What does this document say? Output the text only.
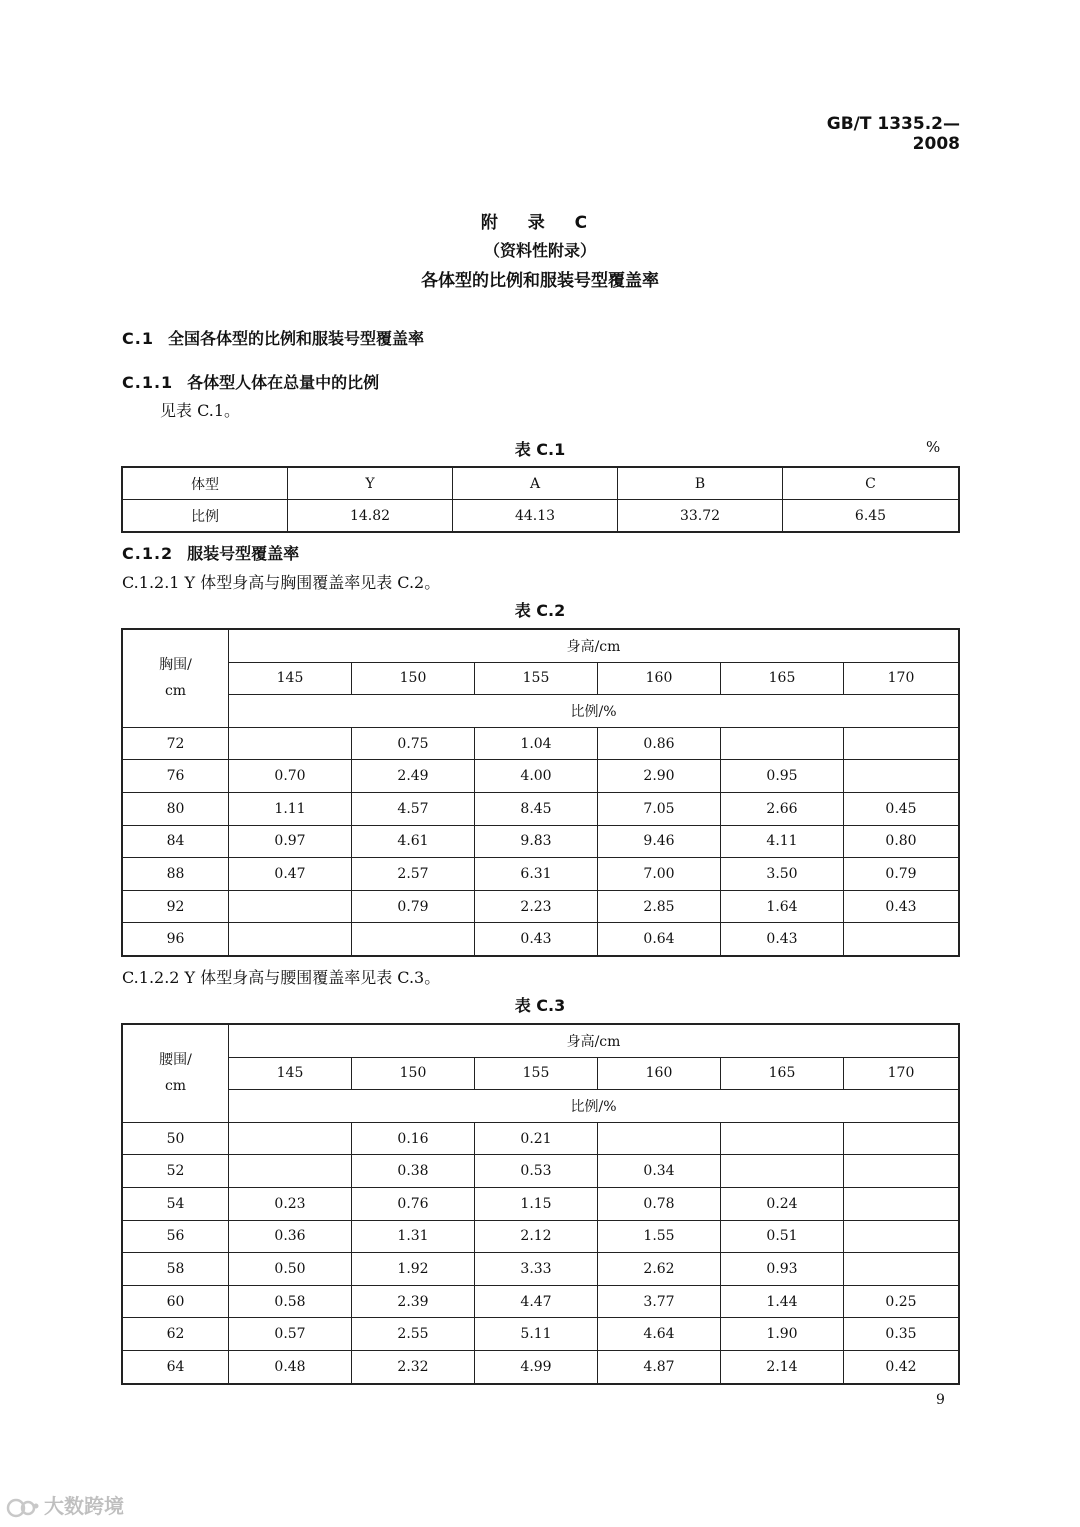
GB/T 1335.2—2008
附 录 C
（资料性附录）
各体型的比例和服装号型覆盖率
C.1 全国各体型的比例和服装号型覆盖率
C.1.1 各体型人体在总量中的比例
见表 C.1。
表 C.1	%
体型	Y	A	B	C
比例	14.82	44.13	33.72	6.45
C.1.2 服装号型覆盖率
C.1.2.1 Y 体型身高与胸围覆盖率见表 C.2。
表 C.2
胸围/
cm	身高/cm					
	145	150	155	160	165	170
	比例/%					
72		0.75	1.04	0.86		
76	0.70	2.49	4.00	2.90	0.95	
80	1.11	4.57	8.45	7.05	2.66	0.45
84	0.97	4.61	9.83	9.46	4.11	0.80
88	0.47	2.57	6.31	7.00	3.50	0.79
92		0.79	2.23	2.85	1.64	0.43
96			0.43	0.64	0.43	
C.1.2.2 Y 体型身高与腰围覆盖率见表 C.3。
表 C.3
腰围/
cm	身高/cm					
	145	150	155	160	165	170
	比例/%					
50		0.16	0.21			
52		0.38	0.53	0.34		
54	0.23	0.76	1.15	0.78	0.24	
56	0.36	1.31	2.12	1.55	0.51	
58	0.50	1.92	3.33	2.62	0.93	
60	0.58	2.39	4.47	3.77	1.44	0.25
62	0.57	2.55	5.11	4.64	1.90	0.35
64	0.48	2.32	4.99	4.87	2.14	0.42
9
大数跨境
